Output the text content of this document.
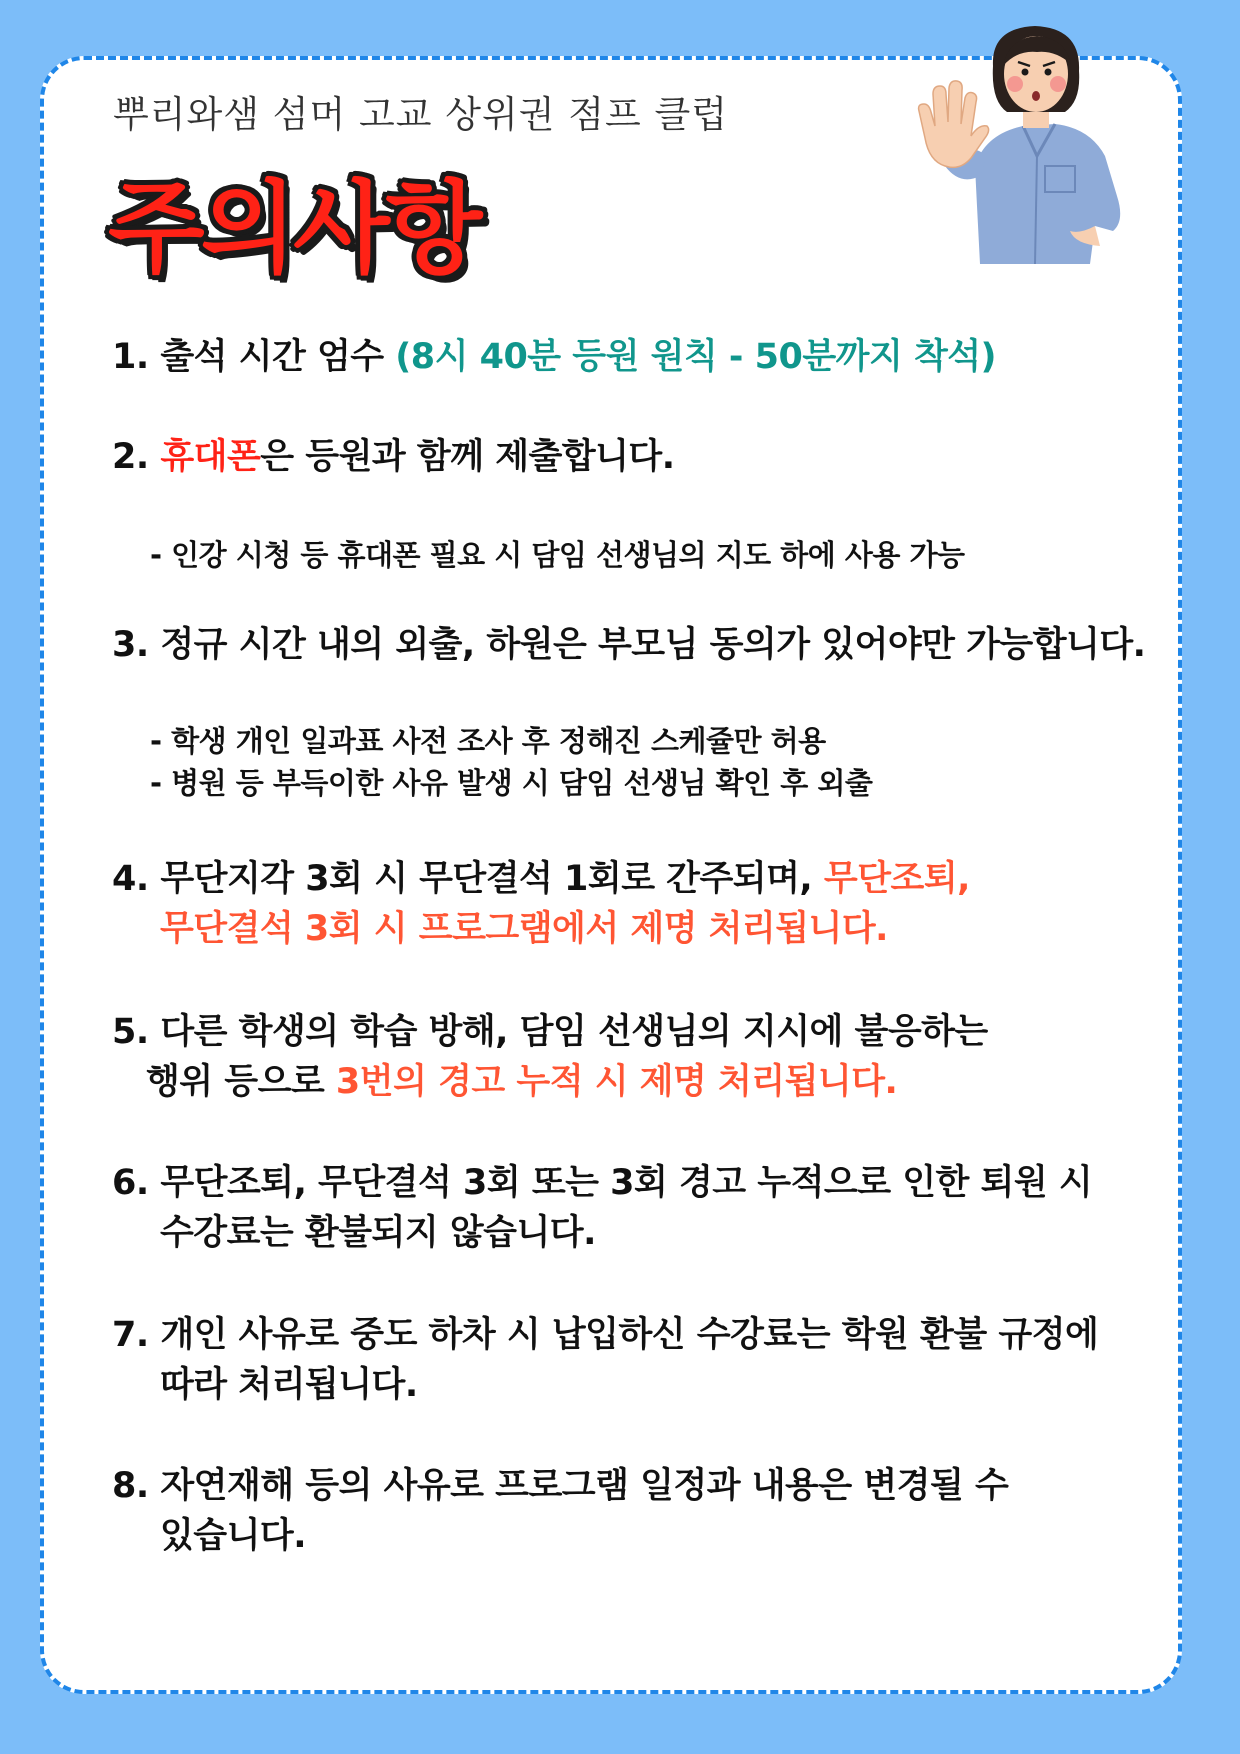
뿌리와샘 섬머 고교 상위권 점프 클럽

주의사항

1. 출석 시간 엄수 (8시 40분 등원 원칙 - 50분까지 착석)

2. 휴대폰은 등원과 함께 제출합니다.

- 인강 시청 등 휴대폰 필요 시 담임 선생님의 지도 하에 사용 가능

3. 정규 시간 내의 외출, 하원은 부모님 동의가 있어야만 가능합니다.

- 학생 개인 일과표 사전 조사 후 정해진 스케쥴만 허용

- 병원 등 부득이한 사유 발생 시 담임 선생님 확인 후 외출

4. 무단지각 3회 시 무단결석 1회로 간주되며, 무단조퇴,
무단결석 3회 시 프로그램에서 제명 처리됩니다.

5. 다른 학생의 학습 방해, 담임 선생님의 지시에 불응하는
행위 등으로 3번의 경고 누적 시 제명 처리됩니다.

6. 무단조퇴, 무단결석 3회 또는 3회 경고 누적으로 인한 퇴원 시
수강료는 환불되지 않습니다.

7. 개인 사유로 중도 하차 시 납입하신 수강료는 학원 환불 규정에
따라 처리됩니다.

8. 자연재해 등의 사유로 프로그램 일정과 내용은 변경될 수
있습니다.
